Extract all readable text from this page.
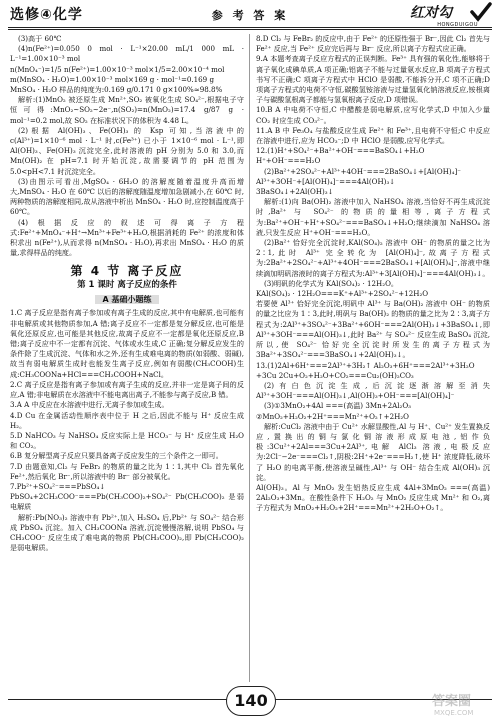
选修④化学	参 考 答 案	红对勾
HONGDUIGOU

(3)高于 60℃

(4)n(Fe²⁺)=0.050 0 mol · L⁻¹×20.00 mL/1 000 mL · L⁻¹=1.00×10⁻³ mol

n(MnO₄⁻)=1/5 n(Fe²⁺)=1.00×10⁻³ mol×1/5=2.00×10⁻⁴ mol

m(MnSO₄ · H₂O)=1.00×10⁻³ mol×169 g · mol⁻¹=0.169 g

MnSO₄ · H₂O 样品的纯度为:0.169 g/0.171 0 g×100%≈98.8%

解析:(1)MnO₂ 被还原生成 Mn²⁺,SO₂ 被氧化生成 SO₄²⁻,根据电子守恒可得:MnO₂~SO₂~2e⁻,n(SO₂)=n(MnO₂)=17.4 g/87 g · mol⁻¹=0.2 mol,故 SO₂ 在标准状况下的体积为 4.48 L。

(2)根据 Al(OH)₃、Fe(OH)₃ 的 Ksp 可知,当溶液中的 c(Al³⁺)=1×10⁻⁶ mol · L⁻¹ 时,c(Fe³⁺) 已小于 1×10⁻⁶ mol · L⁻¹,即 Al(OH)₃、Fe(OH)₃ 沉淀完全,此时溶液的 pH 分别为 5.0 和 3.0,而 Mn(OH)₂ 在 pH=7.1 时开始沉淀,故需要调节的 pH 范围为 5.0<pH<7.1 时沉淀完全。

(3)由图示可看出,MgSO₄ · 6H₂O 的溶解度随着温度升高而增大,MnSO₄ · H₂O 在 60℃ 以后的溶解度随温度增加急剧减小,在 60℃ 时,两种物质的溶解度相同,故从溶液中析出 MnSO₄ · H₂O 时,应控制温度高于 60℃。

(4)根据反应的叙述可得离子方程式:Fe²⁺+MnO₄⁻+H⁺→Mn³⁺+Fe³⁺+H₂O,根据消耗的 Fe²⁺ 的浓度和体积求出 n(Fe²⁺),从而求得 n(MnSO₄ · H₂O),再求出 MnSO₄ · H₂O 的质量,求得样品的纯度。

第 4 节 离子反应
第 1 课时 离子反应的条件
A 基础小题练

1.C 离子反应是指有离子参加或有离子生成的反应,其中有电解质,也可能有非电解质或其他物质参加,A 错;离子反应不一定都是复分解反应,也可能是氧化还原反应,也可能是其他反应,故离子反应不一定都是氧化还原反应,B 错;离子反应中不一定都有沉淀、气体或水生成,C 正确;复分解反应发生的条件除了生成沉淀、气体和水之外,还有生成难电离的物质(如弱酸、弱碱),故当有弱电解质生成时也能发生离子反应,例如有弱酸(CH₃COOH)生成:CH₃COONa+HCl===CH₃COOH+NaCl。

2.C 离子反应是指有离子参加或有离子生成的反应,并非一定是离子间的反应,A 错;非电解质在水溶液中不能电离出离子,不能参与离子反应,B 错。

3.A A 中反应在水溶液中进行,无离子参加或生成。

4.D Cu 在金属活动性顺序表中位于 H 之后,因此不能与 H⁺ 反应生成 H₂。

5.D NaHCO₃ 与 NaHSO₄ 反应实际上是 HCO₃⁻ 与 H⁺ 反应生成 H₂O 和 CO₂。

6.B 复分解型离子反应只要具备离子反应发生的三个条件之一即可。

7.D 由题意知,Cl₂ 与 FeBr₂ 的物质的量之比为 1∶1,其中 Cl₂ 首先氧化 Fe²⁺,然后氧化 Br⁻,所以溶液中的 Br⁻ 部分被氧化。

7.Pb²⁺+SO₄²⁻===PbSO₄↓ PbSO₄+2CH₃COO⁻===Pb(CH₃COO)₂+SO₄²⁻ Pb(CH₃COO)₂ 是弱电解质

解析:Pb(NO₃)₂ 溶液中有 Pb²⁺,加入 H₂SO₄ 后,Pb²⁺ 与 SO₄²⁻ 结合形成 PbSO₄ 沉淀。加入 CH₃COONa 溶液,沉淀慢慢溶解,说明 PbSO₄ 与 CH₃COO⁻ 反应生成了难电离的物质 Pb(CH₃COO)₂,即 Pb(CH₃COO)₂ 是弱电解质。

8.D Cl₂ 与 FeBr₂ 的反应中,由于 Fe²⁺ 的还原性强于 Br⁻,因此 Cl₂ 首先与 Fe²⁺ 反应,当 Fe²⁺ 反应完后再与 Br⁻ 反应,所以离子方程式应正确。

9.A 本题考查离子反应方程式的正误判断。Fe³⁺ 具有强的氧化性,能够将于离子氧化成碘单质,A 项正确;铝离子不能与过量氨水反应,B 项离子方程式书写不正确;C 项离子方程式中 HClO 是弱酸,不能拆分开,C 项不正确;D 项离子方程式的电荷不守恒,碳酸氢铵溶液与过量氢氧化钠溶液反应,铵根离子与碳酸氢根离子都能与氢氧根离子反应,D 项错误。

10.B A 中电荷不守恒,C 中醋酸是弱电解质,应写化学式,D 中加入少量 CO₂ 时应生成 CO₃²⁻。

11.A B 中 Fe₃O₄ 与盐酸反应生成 Fe²⁺ 和 Fe³⁺,且电荷不守恒;C 中反应在溶液中进行,应为 HCO₃⁻;D 中 HClO 是弱酸,应写化学式。

12.(1)H⁺+SO₄²⁻+Ba²⁺+OH⁻===BaSO₄↓+H₂O

H⁺+OH⁻===H₂O

(2)Ba²⁺+2SO₄²⁻+Al³⁺+4OH⁻===2BaSO₄↓+[Al(OH)₄]⁻

Al³⁺+3OH⁻+[Al(OH)₄]⁻===4Al(OH)₃↓

3BaSO₄↓+2Al(OH)₃↓

解析:(1)向 Ba(OH)₂ 溶液中加入 NaHSO₄ 溶液,当恰好不再生成沉淀时,Ba²⁺ 与 SO₄²⁻ 的物质的量相等,离子方程式为:Ba²⁺+OH⁻+H⁺+SO₄²⁻===BaSO₄↓+H₂O;继续滴加 NaHSO₄ 溶液,只发生反应 H⁺+OH⁻===H₂O。

(2)Ba²⁺ 恰好完全沉淀时,KAl(SO₄)₂ 溶液中 OH⁻ 的物质的量之比为 2∶1,此时 Al³⁺ 完全转化为 [Al(OH)₄]⁻,故离子方程式为:2Ba²⁺+2SO₄²⁻+Al³⁺+4OH⁻===2BaSO₄↓+[Al(OH)₄]⁻,溶液中继续滴加明矾溶液时的离子方程式为:Al³⁺+3[Al(OH)₄]⁻===4Al(OH)₃↓。

(3)明矾的化学式为 KAl(SO₄)₂ · 12H₂O。

KAl(SO₄)₂ · 12H₂O===K⁺+Al³⁺+2SO₄²⁻+12H₂O

若要使 Al³⁺ 恰好完全沉淀,明矾中 Al³⁺ 与 Ba(OH)₂ 溶液中 OH⁻ 的物质的量之比应为 1∶3,此时,明矾与 Ba(OH)₂ 的物质的量之比为 2∶3,离子方程式为:2Al³⁺+3SO₄²⁻+3Ba²⁺+6OH⁻===2Al(OH)₃↓+3BaSO₄↓,即 Al³⁺+3OH⁻===Al(OH)₃↓,此时 Ba²⁺ 与 SO₄²⁻ 反应生成 BaSO₄ 沉淀,所以,使 SO₄²⁻ 恰好完全沉淀时所发生的离子方程式为 3Ba²⁺+3SO₄²⁻===3BaSO₄↓+2Al(OH)₃↓。

13.(1)2Al+6H⁺===2Al³⁺+3H₂↑ Al₂O₃+6H⁺===2Al³⁺+3H₂O

+3Cu 2Cu+O₂+H₂O+CO₂===Cu₂(OH)₂CO₃

(2)有白色沉淀生成,后沉淀逐渐溶解至消失 Al³⁺+3OH⁻===Al(OH)₃↓,Al(OH)₃+OH⁻===[Al(OH)₄]⁻

(3)①3MnO₂+4Al ===(高温) 3Mn+2Al₂O₃

②MnO₂+H₂O₂+2H⁺===Mn²⁺+O₂↑+2H₂O

解析:CuCl₂ 溶液中由于 Cu²⁺ 水解显酸性,Al 与 H⁺、Cu²⁺ 发生置换反应,置换出的铜与氯化铜溶液形成原电池,铝作负极:3Cu²⁺+2Al===3Cu+2Al³⁺,电解 AlCl₃ 溶液,电极反应为:2Cl⁻−2e⁻===Cl₂↑,阴极:2H⁺+2e⁻===H₂↑,使 H⁺ 浓度降低,破坏了 H₂O 的电离平衡,使溶液呈碱性,Al³⁺ 与 OH⁻ 结合生成 Al(OH)₃ 沉淀。

Al(OH)₃。Al 与 MnO₂ 发生铝热反应生成 4Al+3MnO₂ ===(高温) 2Al₂O₃+3Mn。在酸性条件下 H₂O₂ 与 MnO₂ 反应生成 Mn²⁺ 和 O₂,离子方程式为 MnO₂+H₂O₂+2H⁺===Mn²⁺+2H₂O+O₂↑。

140	答案圈
MXQE.COM
